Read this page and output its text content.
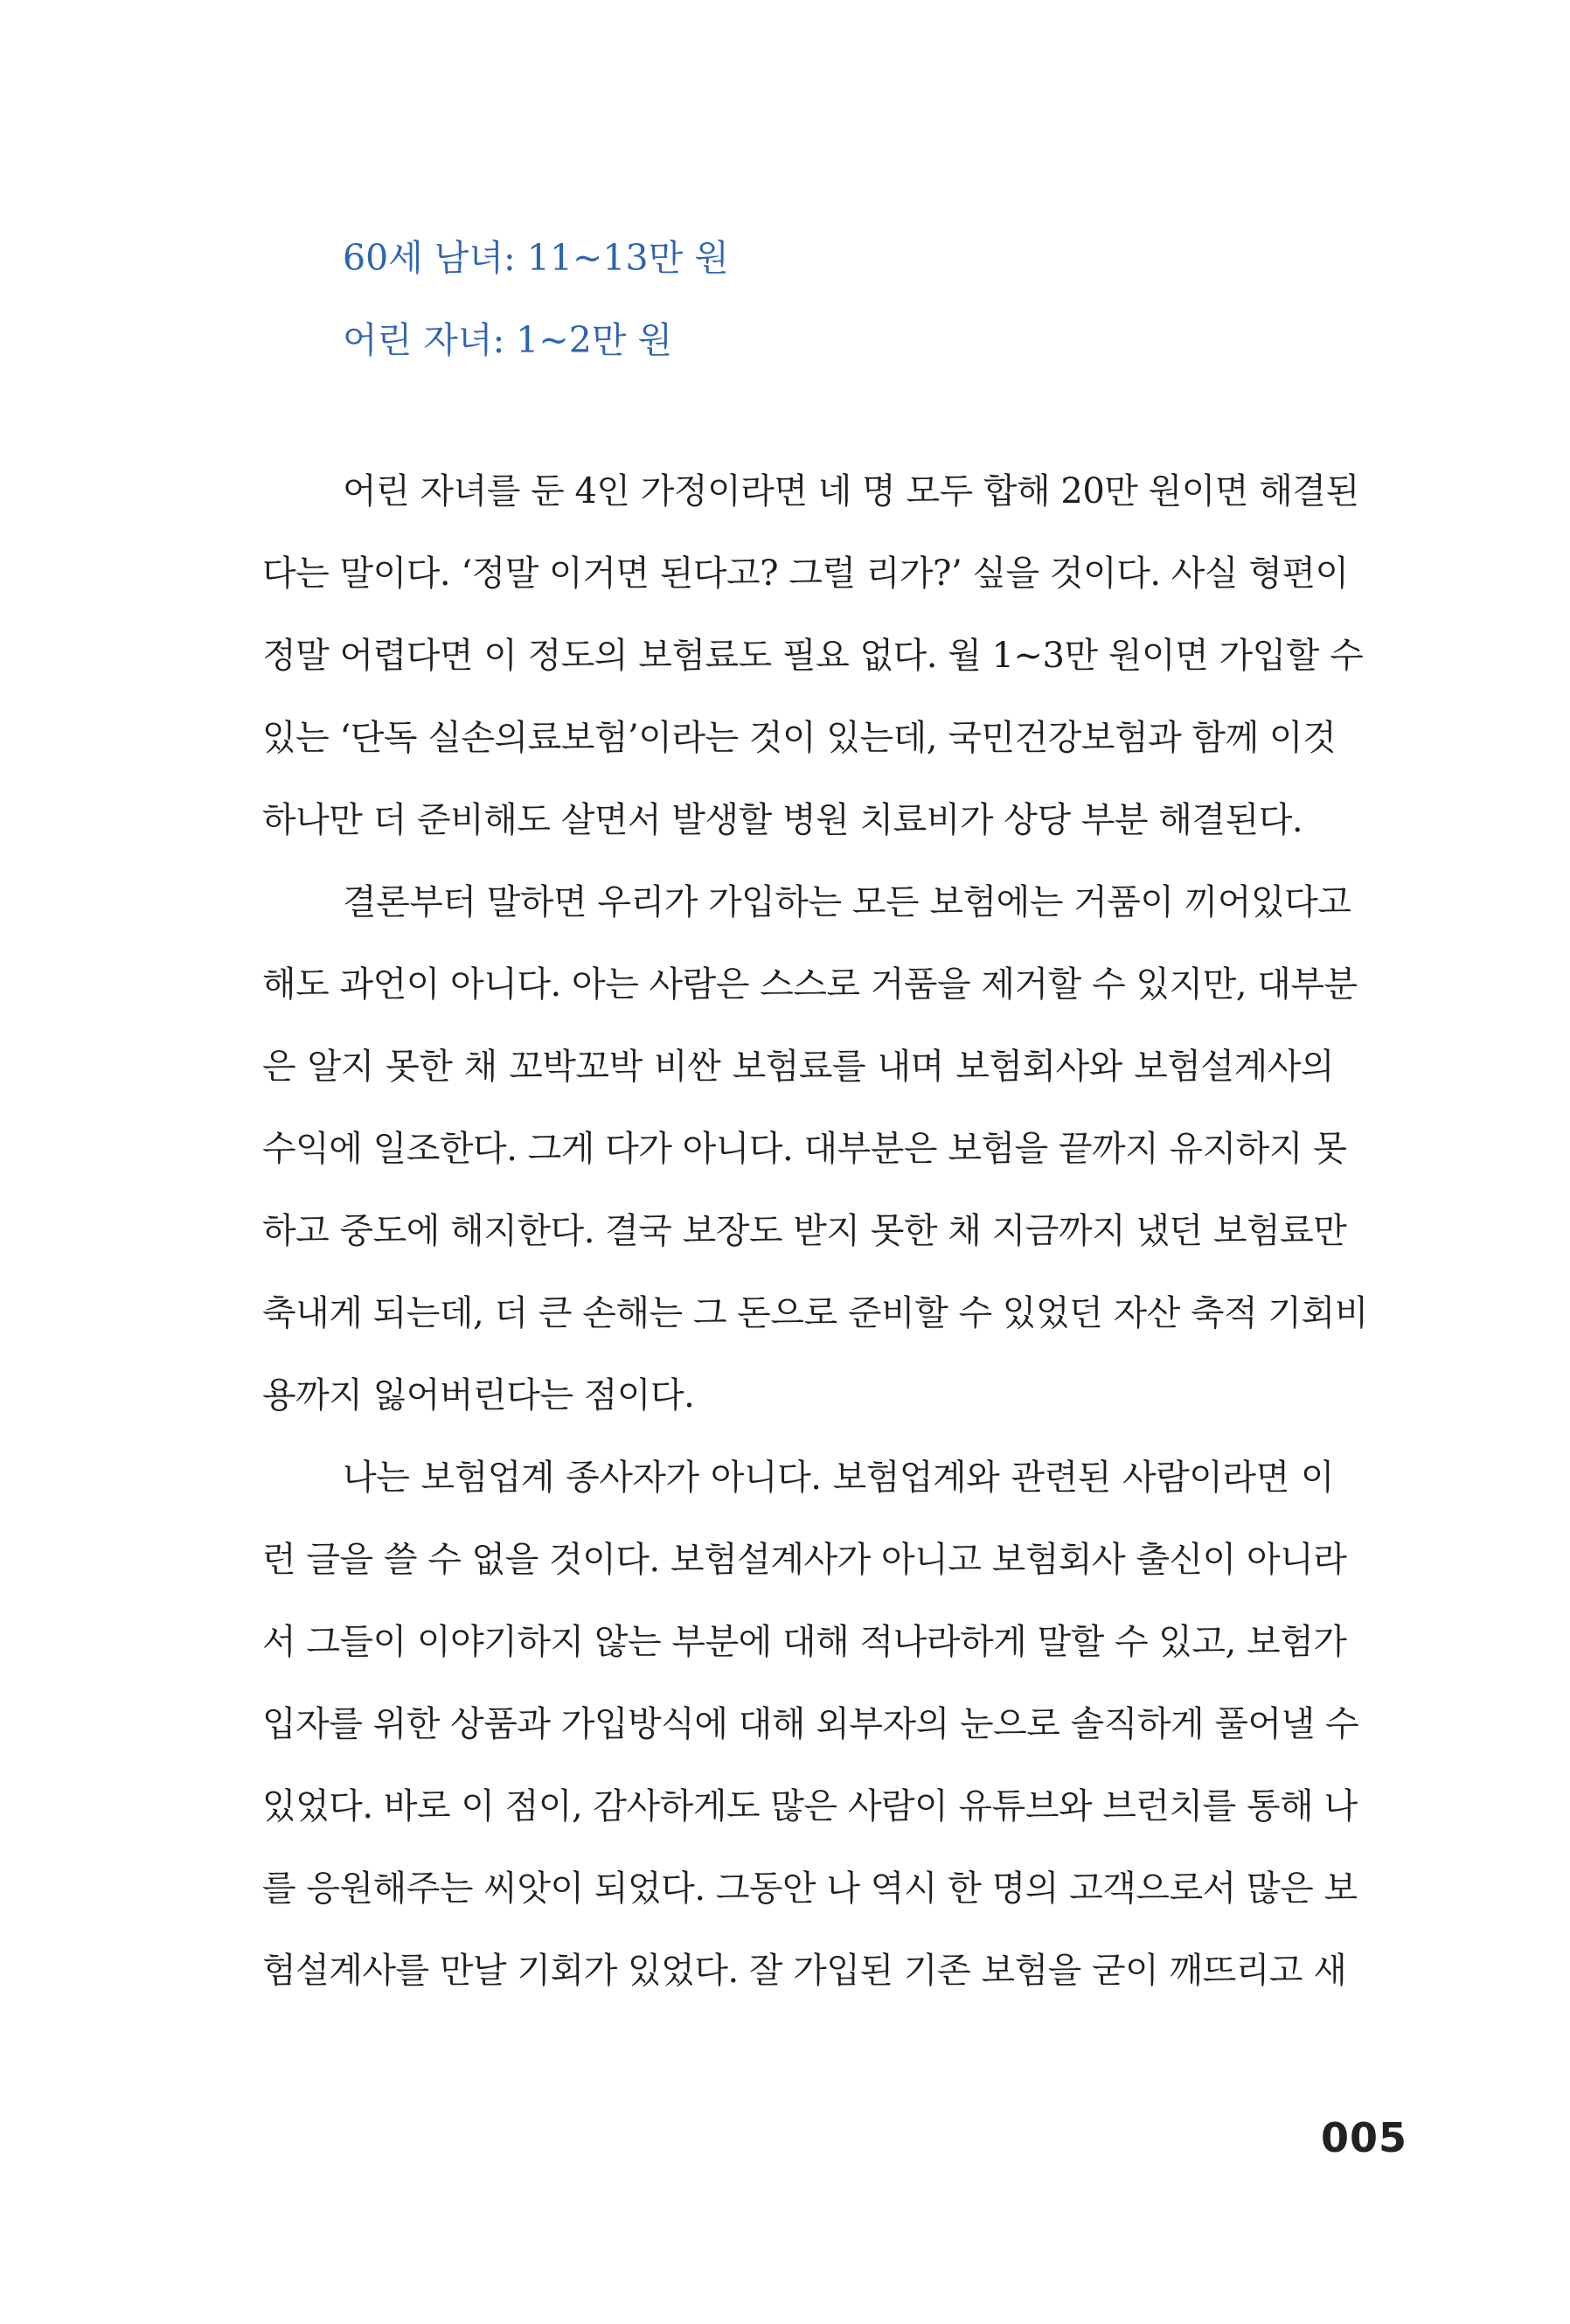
60세 남녀: 11~13만 원
어린 자녀: 1~2만 원
어린 자녀를 둔 4인 가정이라면 네 명 모두 합해 20만 원이면 해결된
다는 말이다. ‘정말 이거면 된다고? 그럴 리가?’ 싶을 것이다. 사실 형편이
정말 어렵다면 이 정도의 보험료도 필요 없다. 월 1~3만 원이면 가입할 수
있는 ‘단독 실손의료보험’이라는 것이 있는데, 국민건강보험과 함께 이것
하나만 더 준비해도 살면서 발생할 병원 치료비가 상당 부분 해결된다.
결론부터 말하면 우리가 가입하는 모든 보험에는 거품이 끼어있다고
해도 과언이 아니다. 아는 사람은 스스로 거품을 제거할 수 있지만, 대부분
은 알지 못한 채 꼬박꼬박 비싼 보험료를 내며 보험회사와 보험설계사의
수익에 일조한다. 그게 다가 아니다. 대부분은 보험을 끝까지 유지하지 못
하고 중도에 해지한다. 결국 보장도 받지 못한 채 지금까지 냈던 보험료만
축내게 되는데, 더 큰 손해는 그 돈으로 준비할 수 있었던 자산 축적 기회비
용까지 잃어버린다는 점이다.
나는 보험업계 종사자가 아니다. 보험업계와 관련된 사람이라면 이
런 글을 쓸 수 없을 것이다. 보험설계사가 아니고 보험회사 출신이 아니라
서 그들이 이야기하지 않는 부분에 대해 적나라하게 말할 수 있고, 보험가
입자를 위한 상품과 가입방식에 대해 외부자의 눈으로 솔직하게 풀어낼 수
있었다. 바로 이 점이, 감사하게도 많은 사람이 유튜브와 브런치를 통해 나
를 응원해주는 씨앗이 되었다. 그동안 나 역시 한 명의 고객으로서 많은 보
험설계사를 만날 기회가 있었다. 잘 가입된 기존 보험을 굳이 깨뜨리고 새
005
